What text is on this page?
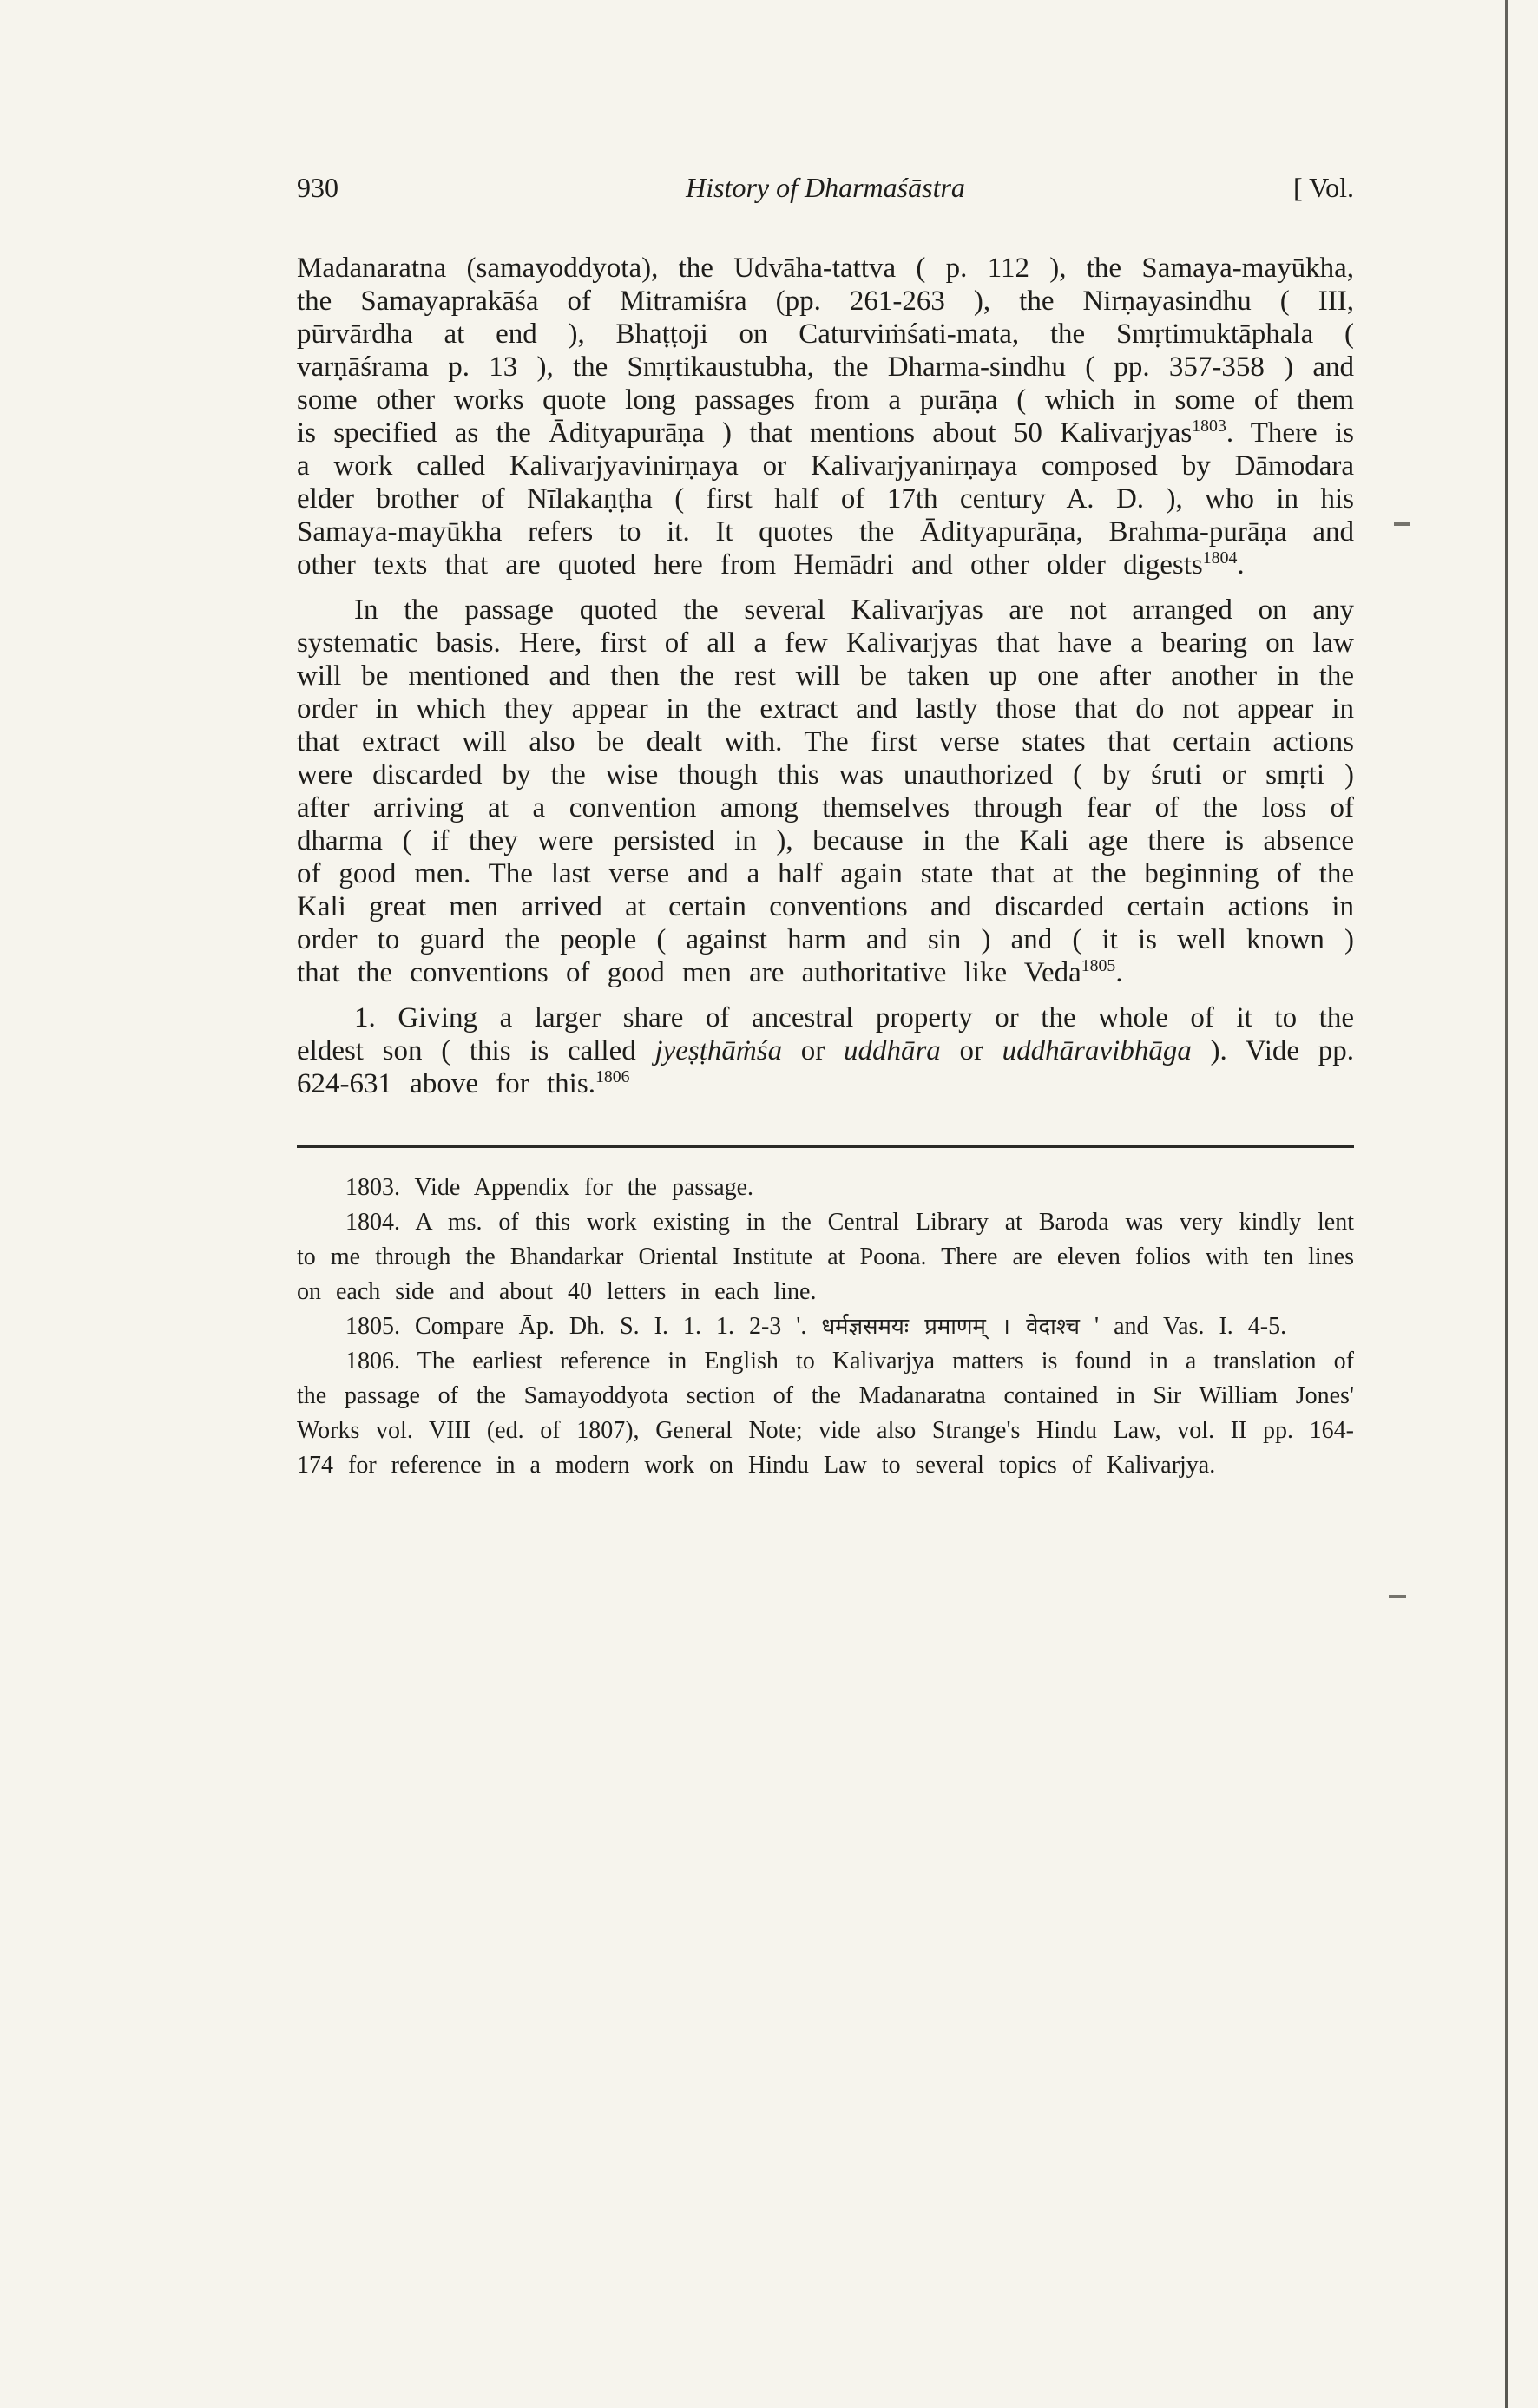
930	History of Dharmaśāstra	[ Vol.

Madanaratna (samayoddyota), the Udvāha-tattva ( p. 112 ), the Samaya-mayūkha, the Samayaprakāśa of Mitramiśra (pp. 261-263 ), the Nirṇayasindhu ( III, pūrvārdha at end ), Bhaṭṭoji on Caturviṁśati-mata, the Smṛtimuktāphala ( varṇāśrama p. 13 ), the Smṛtikaustubha, the Dharma-sindhu ( pp. 357-358 ) and some other works quote long passages from a purāṇa ( which in some of them is specified as the Ādityapurāṇa ) that mentions about 50 Kalivarjyas$^{1803}$. There is a work called Kalivarjyavinirṇaya or Kalivarjyanirṇaya composed by Dāmodara elder brother of Nīlakaṇṭha ( first half of 17th century A. D. ), who in his Samaya-mayūkha refers to it. It quotes the Ādityapurāṇa, Brahma-purāṇa and other texts that are quoted here from Hemādri and other older digests$^{1804}$.

In the passage quoted the several Kalivarjyas are not arranged on any systematic basis. Here, first of all a few Kalivarjyas that have a bearing on law will be mentioned and then the rest will be taken up one after another in the order in which they appear in the extract and lastly those that do not appear in that extract will also be dealt with. The first verse states that certain actions were discarded by the wise though this was unauthorized ( by śruti or smṛti ) after arriving at a convention among themselves through fear of the loss of dharma ( if they were persisted in ), because in the Kali age there is absence of good men. The last verse and a half again state that at the beginning of the Kali great men arrived at certain conventions and discarded certain actions in order to guard the people ( against harm and sin ) and ( it is well known ) that the conventions of good men are authoritative like Veda$^{1805}$.

1. Giving a larger share of ancestral property or the whole of it to the eldest son ( this is called jyeṣṭhāṁśa or uddhāra or uddhāravibhāga ). Vide pp. 624-631 above for this.$^{1806}$

1803. Vide Appendix for the passage.

1804. A ms. of this work existing in the Central Library at Baroda was very kindly lent to me through the Bhandarkar Oriental Institute at Poona. There are eleven folios with ten lines on each side and about 40 letters in each line.

1805. Compare Āp. Dh. S. I. 1. 1. 2-3 '. धर्मज्ञसमयः प्रमाणम् । वेदाश्च ' and Vas. I. 4-5.

1806. The earliest reference in English to Kalivarjya matters is found in a translation of the passage of the Samayoddyota section of the Madanaratna contained in Sir William Jones' Works vol. VIII (ed. of 1807), General Note; vide also Strange's Hindu Law, vol. II pp. 164-174 for reference in a modern work on Hindu Law to several topics of Kalivarjya.
